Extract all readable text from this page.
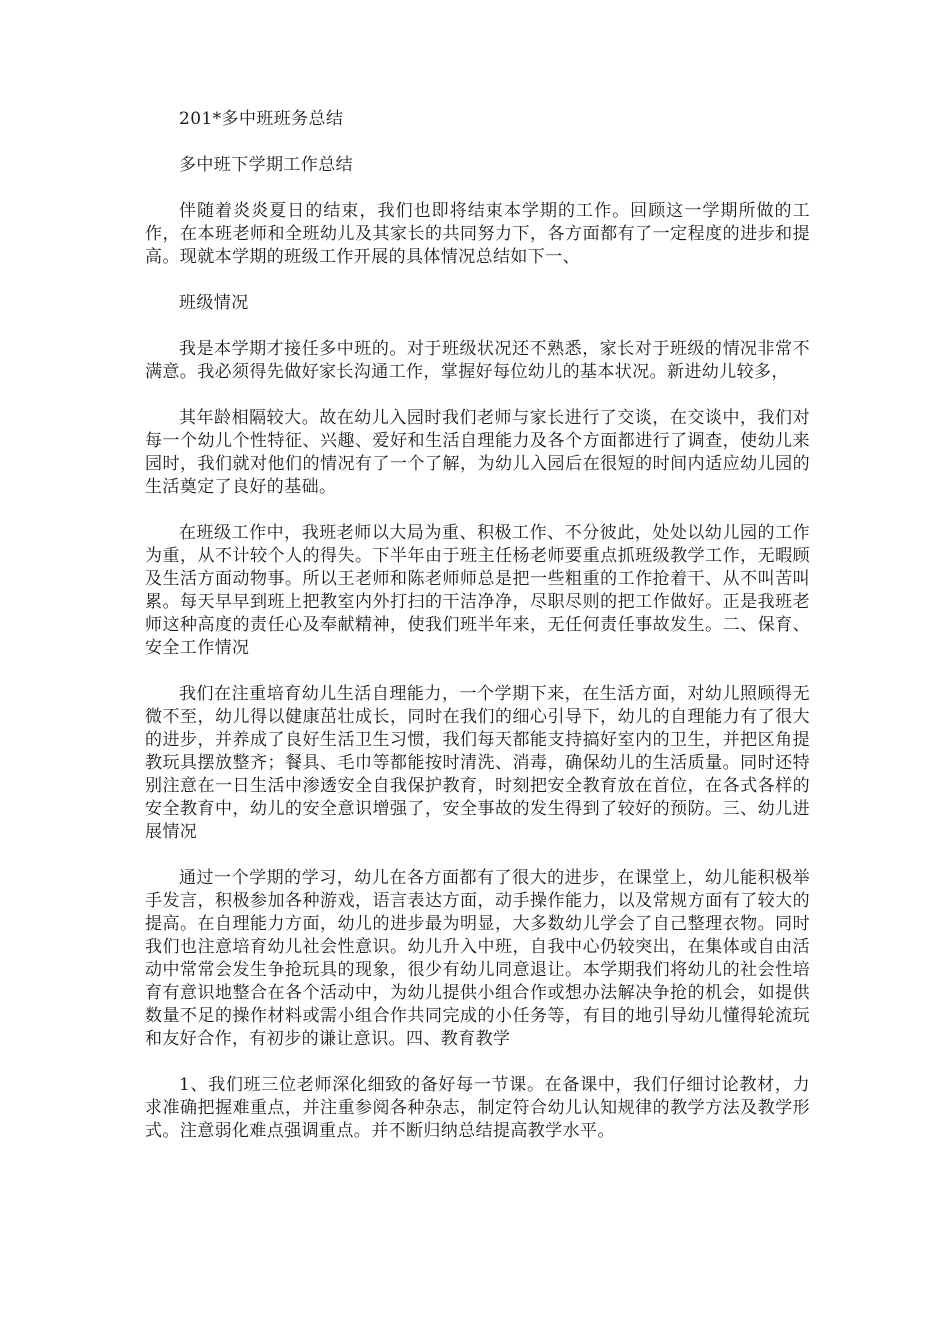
201*多中班班务总结

多中班下学期工作总结

伴随着炎炎夏日的结束，我们也即将结束本学期的工作。回顾这一学期所做的工作，在本班老师和全班幼儿及其家长的共同努力下，各方面都有了一定程度的进步和提高。现就本学期的班级工作开展的具体情况总结如下一、

班级情况

我是本学期才接任多中班的。对于班级状况还不熟悉，家长对于班级的情况非常不满意。我必须得先做好家长沟通工作，掌握好每位幼儿的基本状况。新进幼儿较多，

其年龄相隔较大。故在幼儿入园时我们老师与家长进行了交谈，在交谈中，我们对每一个幼儿个性特征、兴趣、爱好和生活自理能力及各个方面都进行了调查，使幼儿来园时，我们就对他们的情况有了一个了解，为幼儿入园后在很短的时间内适应幼儿园的生活奠定了良好的基础。

在班级工作中，我班老师以大局为重、积极工作、不分彼此，处处以幼儿园的工作为重，从不计较个人的得失。下半年由于班主任杨老师要重点抓班级教学工作，无暇顾及生活方面动物事。所以王老师和陈老师师总是把一些粗重的工作抢着干、从不叫苦叫累。每天早早到班上把教室内外打扫的干洁净净，尽职尽则的把工作做好。正是我班老师这种高度的责任心及奉献精神，使我们班半年来，无任何责任事故发生。二、保育、安全工作情况

我们在注重培育幼儿生活自理能力，一个学期下来，在生活方面，对幼儿照顾得无微不至，幼儿得以健康茁壮成长，同时在我们的细心引导下，幼儿的自理能力有了很大的进步，并养成了良好生活卫生习惯，我们每天都能支持搞好室内的卫生，并把区角提教玩具摆放整齐；餐具、毛巾等都能按时清洗、消毒，确保幼儿的生活质量。同时还特别注意在一日生活中渗透安全自我保护教育，时刻把安全教育放在首位，在各式各样的安全教育中，幼儿的安全意识增强了，安全事故的发生得到了较好的预防。三、幼儿进展情况

通过一个学期的学习，幼儿在各方面都有了很大的进步，在课堂上，幼儿能积极举手发言，积极参加各种游戏，语言表达方面，动手操作能力，以及常规方面有了较大的提高。在自理能力方面，幼儿的进步最为明显，大多数幼儿学会了自己整理衣物。同时我们也注意培育幼儿社会性意识。幼儿升入中班，自我中心仍较突出，在集体或自由活动中常常会发生争抢玩具的现象，很少有幼儿同意退让。本学期我们将幼儿的社会性培育有意识地整合在各个活动中，为幼儿提供小组合作或想办法解决争抢的机会，如提供数量不足的操作材料或需小组合作共同完成的小任务等，有目的地引导幼儿懂得轮流玩和友好合作，有初步的谦让意识。四、教育教学

1、我们班三位老师深化细致的备好每一节课。在备课中，我们仔细讨论教材，力求准确把握难重点，并注重参阅各种杂志，制定符合幼儿认知规律的教学方法及教学形式。注意弱化难点强调重点。并不断归纳总结提高教学水平。
